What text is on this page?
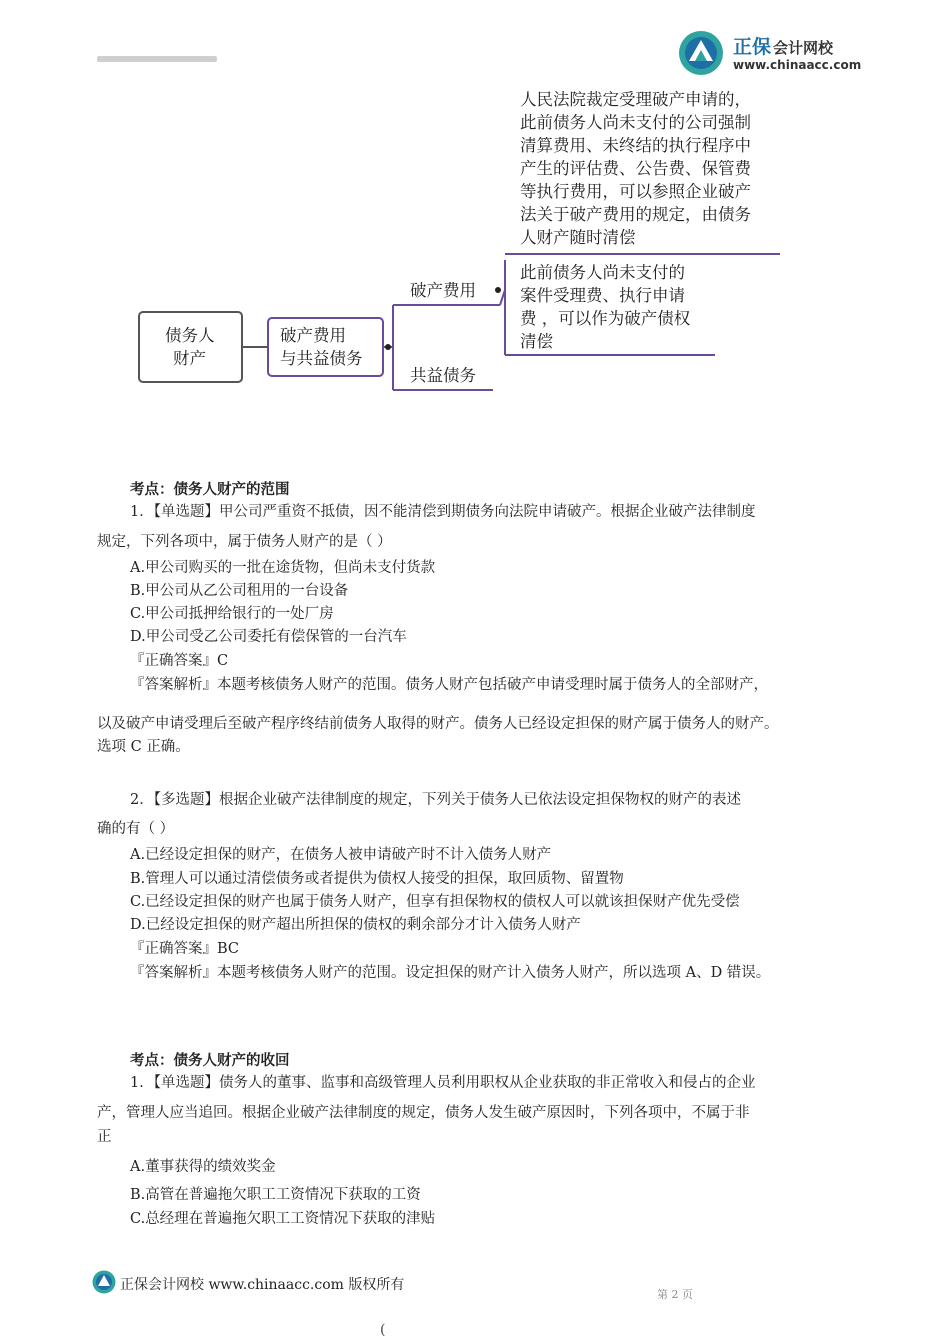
正保 会计网校
www.chinaacc.com
债务人
财产
破产费用
与共益债务
破产费用
共益债务
人民法院裁定受理破产申请的，
此前债务人尚未支付的公司强制
清算费用、未终结的执行程序中
产生的评估费、公告费、保管费
等执行费用，可以参照企业破产
法关于破产费用的规定，由债务
人财产随时清偿
此前债务人尚未支付的
案件受理费、执行申请
费 ，可以作为破产债权
清偿
考点：债务人财产的范围
1．【单选题】甲公司严重资不抵债，因不能清偿到期债务向法院申请破产。根据企业破产法律制度
规定，下列各项中，属于债务人财产的是（ ）
A.甲公司购买的一批在途货物，但尚未支付货款
B.甲公司从乙公司租用的一台设备
C.甲公司抵押给银行的一处厂房
D.甲公司受乙公司委托有偿保管的一台汽车
『正确答案』C
『答案解析』本题考核债务人财产的范围。债务人财产包括破产申请受理时属于债务人的全部财产，
以及破产申请受理后至破产程序终结前债务人取得的财产。债务人已经设定担保的财产属于债务人的财产。
选项 C 正确。
2．【多选题】根据企业破产法律制度的规定，下列关于债务人已依法设定担保物权的财产的表述
确的有（ ）
A.已经设定担保的财产，在债务人被申请破产时不计入债务人财产
B.管理人可以通过清偿债务或者提供为债权人接受的担保，取回质物、留置物
C.已经设定担保的财产也属于债务人财产，但享有担保物权的债权人可以就该担保财产优先受偿
D.已经设定担保的财产超出所担保的债权的剩余部分才计入债务人财产
『正确答案』BC
『答案解析』本题考核债务人财产的范围。设定担保的财产计入债务人财产，所以选项 A、D 错误。
考点：债务人财产的收回
1．【单选题】债务人的董事、监事和高级管理人员利用职权从企业获取的非正常收入和侵占的企业
产，管理人应当追回。根据企业破产法律制度的规定，债务人发生破产原因时，下列各项中，不属于非
正
A.董事获得的绩效奖金
B.高管在普遍拖欠职工工资情况下获取的工资
C.总经理在普遍拖欠职工工资情况下获取的津贴
正保会计网校 www.chinaacc.com 版权所有
第 2 页
(
